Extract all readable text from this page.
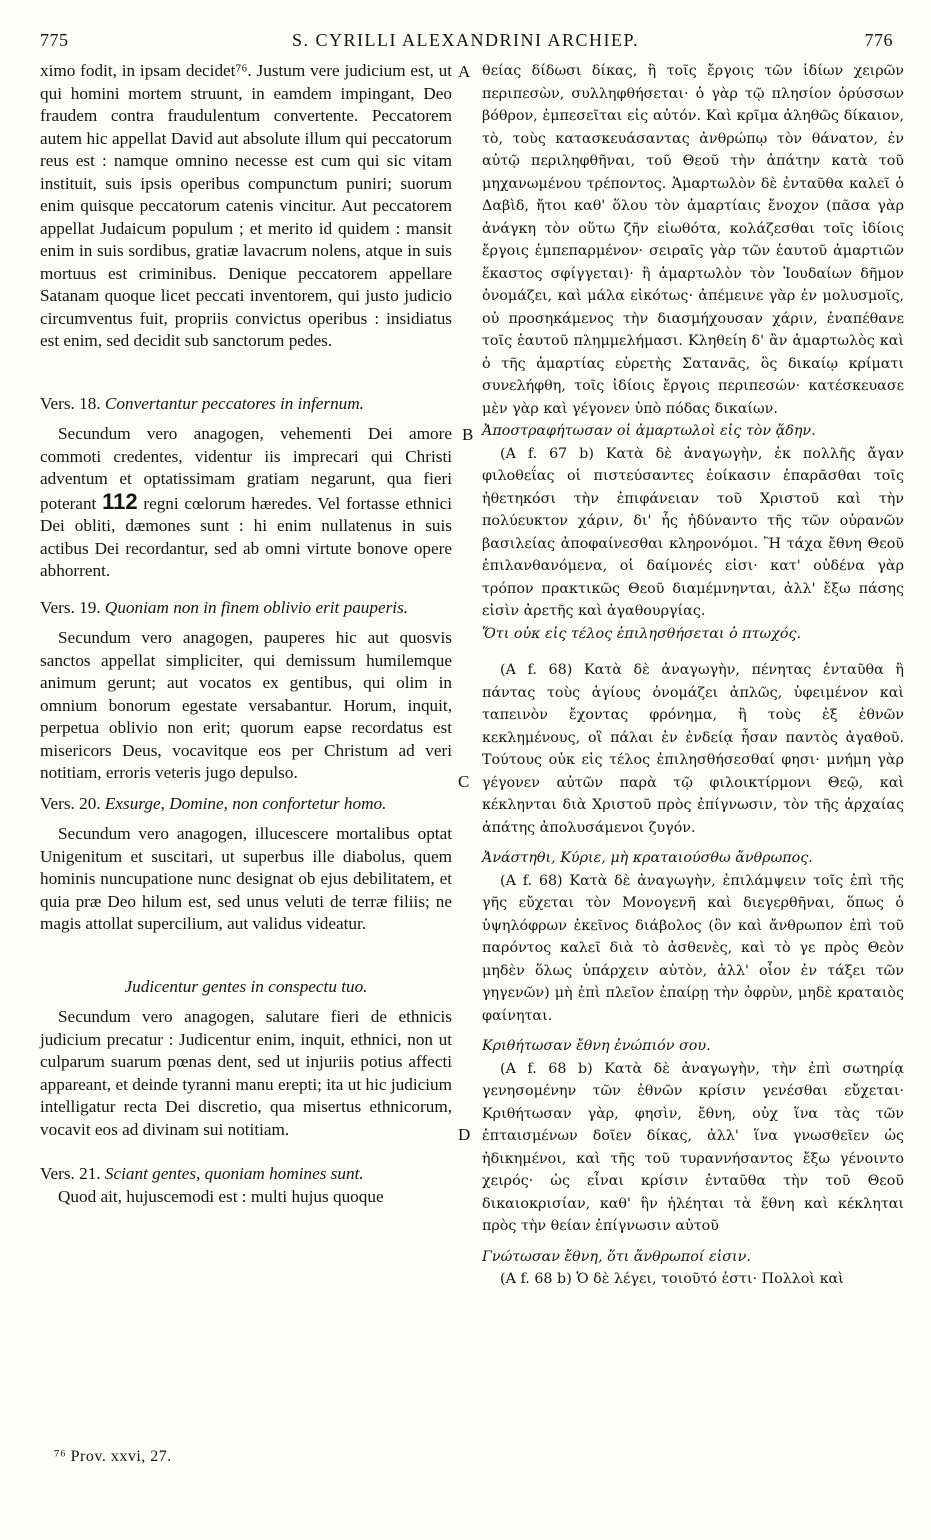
775	S. CYRILLI ALEXANDRINI ARCHIEP.	776
A
B
C
D

ximo fodit, in ipsam decidet⁷⁶. Justum vere judicium est, ut qui homini mortem struunt, in eamdem impingant, Deo fraudem contra fraudulentum convertente. Peccatorem autem hic appellat David aut absolute illum qui peccatorum reus est : namque omnino necesse est cum qui sic vitam instituit, suis ipsis operibus compunctum puniri; suorum enim quisque peccatorum catenis vincitur. Aut peccatorem appellat Judaicum populum ; et merito id quidem : mansit enim in suis sordibus, gratiæ lavacrum nolens, atque in suis mortuus est criminibus. Denique peccatorem appellare Satanam quoque licet peccati inventorem, qui justo judicio circumventus fuit, propriis convictus operibus : insidiatus est enim, sed decidit sub sanctorum pedes.

Vers. 18. Convertantur peccatores in infernum.

Secundum vero anagogen, vehementi Dei amore commoti credentes, videntur iis imprecari qui Christi adventum et optatissimam gratiam negarunt, qua fieri poterant 112 regni cœlorum hæredes. Vel fortasse ethnici Dei obliti, dæmones sunt : hi enim nullatenus in suis actibus Dei recordantur, sed ab omni virtute bonove opere abhorrent.

Vers. 19. Quoniam non in finem oblivio erit pauperis.

Secundum vero anagogen, pauperes hic aut quosvis sanctos appellat simpliciter, qui demissum humilemque animum gerunt; aut vocatos ex gentibus, qui olim in omnium bonorum egestate versabantur. Horum, inquit, perpetua oblivio non erit; quorum eapse recordatus est misericors Deus, vocavitque eos per Christum ad veri notitiam, erroris veteris jugo depulso.

Vers. 20. Exsurge, Domine, non confortetur homo.

Secundum vero anagogen, illucescere mortalibus optat Unigenitum et suscitari, ut superbus ille diabolus, quem hominis nuncupatione nunc designat ob ejus debilitatem, et quia præ Deo hilum est, sed unus veluti de terræ filiis; ne magis attollat supercilium, aut validus videatur.

Judicentur gentes in conspectu tuo.

Secundum vero anagogen, salutare fieri de ethnicis judicium precatur : Judicentur enim, inquit, ethnici, non ut culparum suarum pœnas dent, sed ut injuriis potius affecti appareant, et deinde tyranni manu erepti; ita ut hic judicium intelligatur recta Dei discretio, qua misertus ethnicorum, vocavit eos ad divinam sui notitiam.

Vers. 21. Sciant gentes, quoniam homines sunt.

Quod ait, hujuscemodi est : multi hujus quoque

θείας δίδωσι δίκας, ἢ τοῖς ἔργοις τῶν ἰδίων χειρῶν περιπεσὼν, συλληφθήσεται· ὁ γὰρ τῷ πλησίον ὀρύσσων βόθρον, ἐμπεσεῖται εἰς αὐτόν. Καὶ κρῖμα ἀληθῶς δίκαιον, τὸ, τοὺς κατασκευάσαντας ἀνθρώπῳ τὸν θάνατον, ἐν αὐτῷ περιληφθῆναι, τοῦ Θεοῦ τὴν ἀπάτην κατὰ τοῦ μηχανωμένου τρέποντος. Ἁμαρτωλὸν δὲ ἐνταῦθα καλεῖ ὁ Δαβὶδ, ἤτοι καθ' ὅλου τὸν ἁμαρτίαις ἔνοχον (πᾶσα γὰρ ἀνάγκη τὸν οὕτω ζῆν εἰωθότα, κολάζεσθαι τοῖς ἰδίοις ἔργοις ἐμπεπαρμένον· σειραῖς γὰρ τῶν ἑαυτοῦ ἁμαρτιῶν ἕκαστος σφίγγεται)· ἢ ἁμαρτωλὸν τὸν Ἰουδαίων δῆμον ὀνομάζει, καὶ μάλα εἰκότως· ἀπέμεινε γὰρ ἐν μολυσμοῖς, οὐ προσηκάμενος τὴν διασμήχουσαν χάριν, ἐναπέθανε τοῖς ἑαυτοῦ πλημμελήμασι. Κληθείη δ' ἂν ἁμαρτωλὸς καὶ ὁ τῆς ἁμαρτίας εὑρετὴς Σατανᾶς, ὃς δικαίῳ κρίματι συνελήφθη, τοῖς ἰδίοις ἔργοις περιπεσών· κατέσκευασε μὲν γὰρ καὶ γέγονεν ὑπὸ πόδας δικαίων.

Ἀποστραφήτωσαν οἱ ἁμαρτωλοὶ εἰς τὸν ᾅδην.

(A f. 67 b) Κατὰ δὲ ἀναγωγὴν, ἐκ πολλῆς ἄγαν φιλοθεΐας οἱ πιστεύσαντες ἐοίκασιν ἐπαρᾶσθαι τοῖς ἠθετηκόσι τὴν ἐπιφάνειαν τοῦ Χριστοῦ καὶ τὴν πολύευκτον χάριν, δι' ἧς ἠδύναντο τῆς τῶν οὐρανῶν βασιλείας ἀποφαίνεσθαι κληρονόμοι. Ἢ τάχα ἔθνη Θεοῦ ἐπιλανθανόμενα, οἱ δαίμονές εἰσι· κατ' οὐδένα γὰρ τρόπον πρακτικῶς Θεοῦ διαμέμνηνται, ἀλλ' ἔξω πάσης εἰσὶν ἀρετῆς καὶ ἀγαθουργίας.

Ὅτι οὐκ εἰς τέλος ἐπιλησθήσεται ὁ πτωχός.

(A f. 68) Κατὰ δὲ ἀναγωγὴν, πένητας ἐνταῦθα ἢ πάντας τοὺς ἁγίους ὀνομάζει ἁπλῶς, ὑφειμένον καὶ ταπεινὸν ἔχοντας φρόνημα, ἢ τοὺς ἐξ ἐθνῶν κεκλημένους, οἳ πάλαι ἐν ἐνδείᾳ ἦσαν παντὸς ἀγαθοῦ. Τούτους οὐκ εἰς τέλος ἐπιλησθήσεσθαί φησι· μνήμη γὰρ γέγονεν αὐτῶν παρὰ τῷ φιλοικτίρμονι Θεῷ, καὶ κέκληνται διὰ Χριστοῦ πρὸς ἐπίγνωσιν, τὸν τῆς ἀρχαίας ἀπάτης ἀπολυσάμενοι ζυγόν.

Ἀνάστηθι, Κύριε, μὴ κραταιούσθω ἄνθρωπος.

(A f. 68) Κατὰ δὲ ἀναγωγὴν, ἐπιλάμψειν τοῖς ἐπὶ τῆς γῆς εὔχεται τὸν Μονογενῆ καὶ διεγερθῆναι, ὅπως ὁ ὑψηλόφρων ἐκεῖνος διάβολος (ὃν καὶ ἄνθρωπον ἐπὶ τοῦ παρόντος καλεῖ διὰ τὸ ἀσθενὲς, καὶ τὸ γε πρὸς Θεὸν μηδὲν ὅλως ὑπάρχειν αὐτὸν, ἀλλ' οἷον ἐν τάξει τῶν γηγενῶν) μὴ ἐπὶ πλεῖον ἐπαίρῃ τὴν ὀφρὺν, μηδὲ κραταιὸς φαίνηται.

Κριθήτωσαν ἔθνη ἐνώπιόν σου.

(A f. 68 b) Κατὰ δὲ ἀναγωγὴν, τὴν ἐπὶ σωτηρίᾳ γενησομένην τῶν ἐθνῶν κρίσιν γενέσθαι εὔχεται· Κριθήτωσαν γὰρ, φησὶν, ἔθνη, οὐχ ἵνα τὰς τῶν ἐπταισμένων δοῖεν δίκας, ἀλλ' ἵνα γνωσθεῖεν ὡς ἠδικημένοι, καὶ τῆς τοῦ τυραννήσαντος ἔξω γένοιντο χειρός· ὡς εἶναι κρίσιν ἐνταῦθα τὴν τοῦ Θεοῦ δικαιοκρισίαν, καθ' ἣν ἠλέηται τὰ ἔθνη καὶ κέκληται πρὸς τὴν θείαν ἐπίγνωσιν αὐτοῦ

Γνώτωσαν ἔθνη, ὅτι ἄνθρωποί εἰσιν.

(A f. 68 b) Ὁ δὲ λέγει, τοιοῦτό ἐστι· Πολλοὶ καὶ

⁷⁶ Prov. xxvi, 27.
